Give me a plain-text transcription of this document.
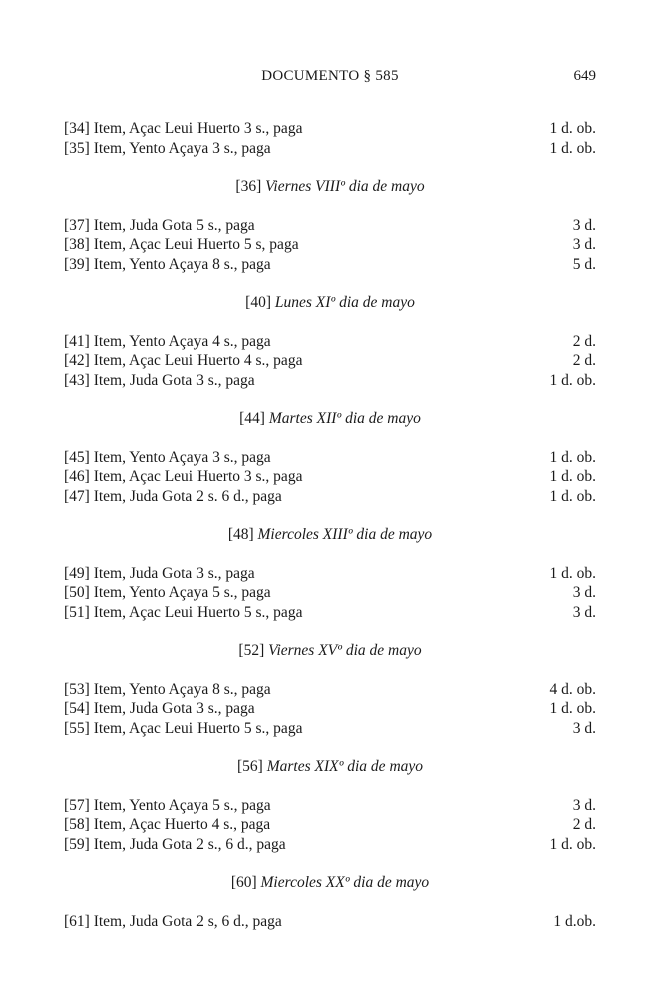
DOCUMENTO § 585	649
[34] Item, Açac Leui Huerto 3 s., paga	1 d. ob.
[35] Item, Yento Açaya 3 s., paga	1 d. ob.
[36] Viernes VIIIº dia de mayo
[37] Item, Juda Gota 5 s., paga	3 d.
[38] Item, Açac Leui Huerto 5 s, paga	3 d.
[39] Item, Yento Açaya 8 s., paga	5 d.
[40] Lunes XIº dia de mayo
[41] Item, Yento Açaya 4 s., paga	2 d.
[42] Item, Açac Leui Huerto 4 s., paga	2 d.
[43] Item, Juda Gota 3 s., paga	1 d. ob.
[44] Martes XIIº dia de mayo
[45] Item, Yento Açaya 3 s., paga	1 d. ob.
[46] Item, Açac Leui Huerto 3 s., paga	1 d. ob.
[47] Item, Juda Gota 2 s. 6 d., paga	1 d. ob.
[48] Miercoles XIIIº dia de mayo
[49] Item, Juda Gota 3 s., paga	1 d. ob.
[50] Item, Yento Açaya 5 s., paga	3 d.
[51] Item, Açac Leui Huerto 5 s., paga	3 d.
[52] Viernes XVº dia de mayo
[53] Item, Yento Açaya 8 s., paga	4 d. ob.
[54] Item, Juda Gota 3 s., paga	1 d. ob.
[55] Item, Açac Leui Huerto 5 s., paga	3 d.
[56] Martes XIXº dia de mayo
[57] Item, Yento Açaya 5 s., paga	3 d.
[58] Item, Açac Huerto 4 s., paga	2 d.
[59] Item, Juda Gota 2 s., 6 d., paga	1 d. ob.
[60] Miercoles XXº dia de mayo
[61] Item, Juda Gota 2 s, 6 d., paga	1 d.ob.
